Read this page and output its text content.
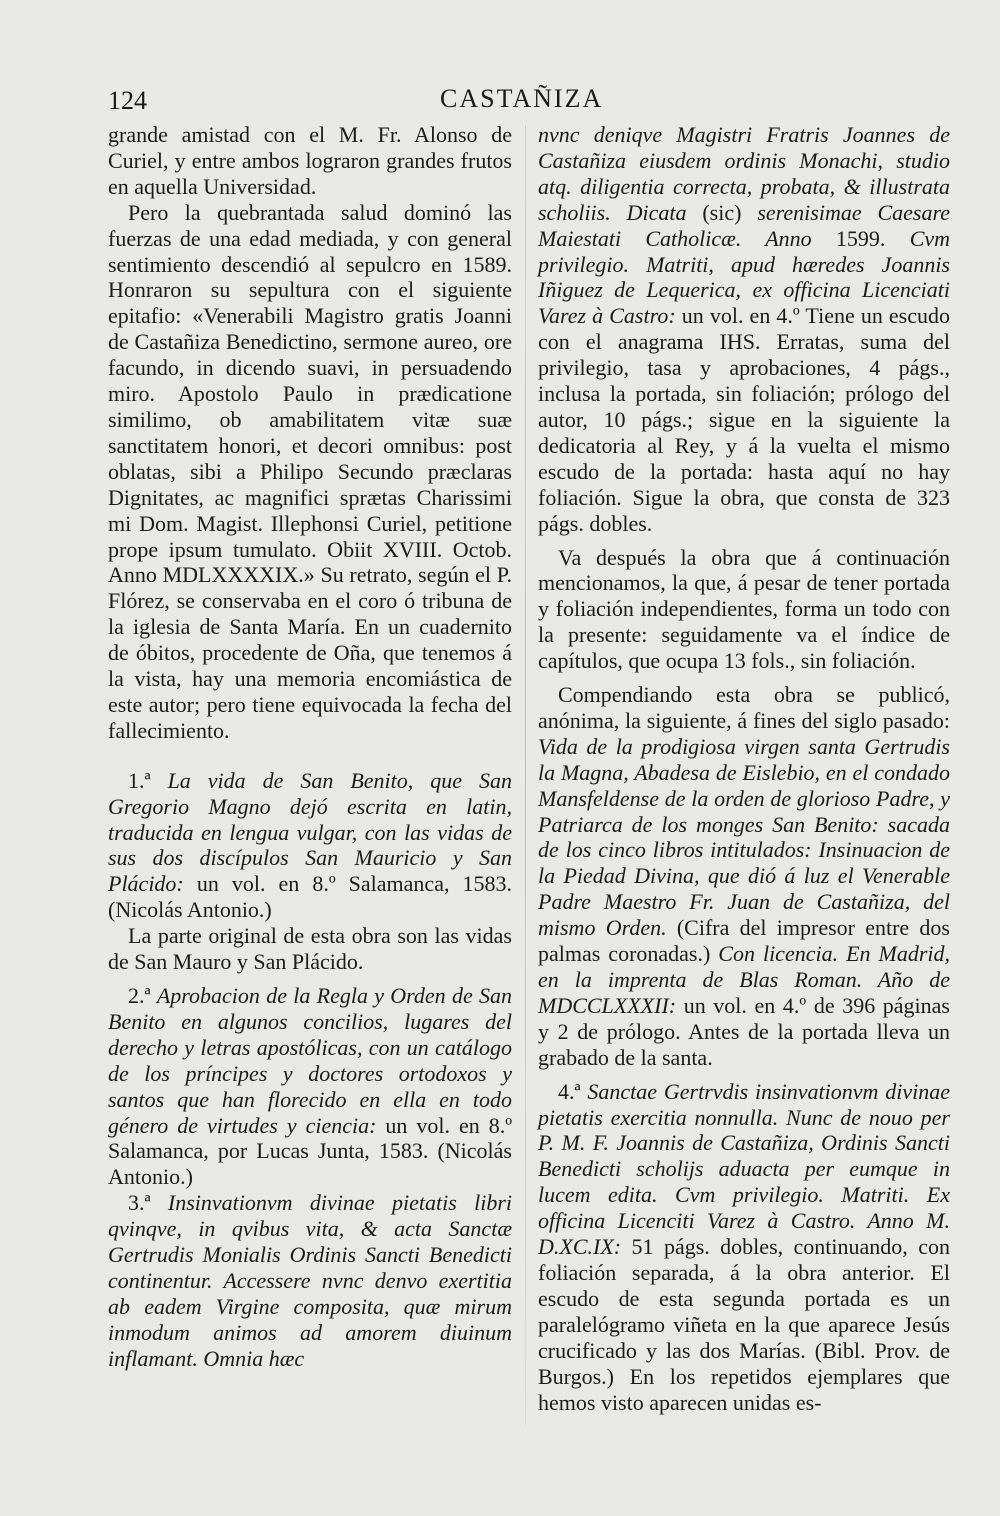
124	CASTAÑIZA

grande amistad con el M. Fr. Alonso de Curiel, y entre ambos lograron grandes frutos en aquella Universidad.

Pero la quebrantada salud dominó las fuerzas de una edad mediada, y con general sentimiento descendió al sepulcro en 1589. Honraron su sepultura con el siguiente epitafio: «Venerabili Magistro gratis Joanni de Castañiza Benedictino, sermone aureo, ore facundo, in dicendo suavi, in persuadendo miro. Apostolo Paulo in prædicatione similimo, ob amabilitatem vitæ suæ sanctitatem honori, et decori omnibus: post oblatas, sibi a Philipo Secundo præclaras Dignitates, ac magnifici sprætas Charissimi mi Dom. Magist. Illephonsi Curiel, petitione prope ipsum tumulato. Obiit XVIII. Octob. Anno MDLXXXXIX.» Su retrato, según el P. Flórez, se conservaba en el coro ó tribuna de la iglesia de Santa María. En un cuadernito de óbitos, procedente de Oña, que tenemos á la vista, hay una memoria encomiástica de este autor; pero tiene equivocada la fecha del fallecimiento.

1.ª La vida de San Benito, que San Gregorio Magno dejó escrita en latin, traducida en lengua vulgar, con las vidas de sus dos discípulos San Mauricio y San Plácido: un vol. en 8.º Salamanca, 1583. (Nicolás Antonio.)

La parte original de esta obra son las vidas de San Mauro y San Plácido.

2.ª Aprobacion de la Regla y Orden de San Benito en algunos concilios, lugares del derecho y letras apostólicas, con un catálogo de los príncipes y doctores ortodoxos y santos que han florecido en ella en todo género de virtudes y ciencia: un vol. en 8.º Salamanca, por Lucas Junta, 1583. (Nicolás Antonio.)

3.ª Insinvationvm divinae pietatis libri qvinqve, in qvibus vita, & acta Sanctæ Gertrudis Monialis Ordinis Sancti Benedicti continentur. Accessere nvnc denvo exertitia ab eadem Virgine composita, quæ mirum inmodum animos ad amorem diuinum inflamant. Omnia hæc

nvnc deniqve Magistri Fratris Joannes de Castañiza eiusdem ordinis Monachi, studio atq. diligentia correcta, probata, & illustrata scholiis. Dicata (sic) serenisimae Caesare Maiestati Catholicæ. Anno 1599. Cvm privilegio. Matriti, apud hæredes Joannis Iñiguez de Lequerica, ex officina Licenciati Varez à Castro: un vol. en 4.º Tiene un escudo con el anagrama IHS. Erratas, suma del privilegio, tasa y aprobaciones, 4 págs., inclusa la portada, sin foliación; prólogo del autor, 10 págs.; sigue en la siguiente la dedicatoria al Rey, y á la vuelta el mismo escudo de la portada: hasta aquí no hay foliación. Sigue la obra, que consta de 323 págs. dobles.

Va después la obra que á continuación mencionamos, la que, á pesar de tener portada y foliación independientes, forma un todo con la presente: seguidamente va el índice de capítulos, que ocupa 13 fols., sin foliación.

Compendiando esta obra se publicó, anónima, la siguiente, á fines del siglo pasado: Vida de la prodigiosa virgen santa Gertrudis la Magna, Abadesa de Eislebio, en el condado Mansfeldense de la orden de glorioso Padre, y Patriarca de los monges San Benito: sacada de los cinco libros intitulados: Insinuacion de la Piedad Divina, que dió á luz el Venerable Padre Maestro Fr. Juan de Castañiza, del mismo Orden. (Cifra del impresor entre dos palmas coronadas.) Con licencia. En Madrid, en la imprenta de Blas Roman. Año de MDCCLXXXII: un vol. en 4.º de 396 páginas y 2 de prólogo. Antes de la portada lleva un grabado de la santa.

4.ª Sanctae Gertrvdis insinvationvm divinae pietatis exercitia nonnulla. Nunc de nouo per P. M. F. Joannis de Castañiza, Ordinis Sancti Benedicti scholijs aduacta per eumque in lucem edita. Cvm privilegio. Matriti. Ex officina Licenciti Varez à Castro. Anno M. D.XC.IX: 51 págs. dobles, continuando, con foliación separada, á la obra anterior. El escudo de esta segunda portada es un paralelógramo viñeta en la que aparece Jesús crucificado y las dos Marías. (Bibl. Prov. de Burgos.) En los repetidos ejemplares que hemos visto aparecen unidas es-
